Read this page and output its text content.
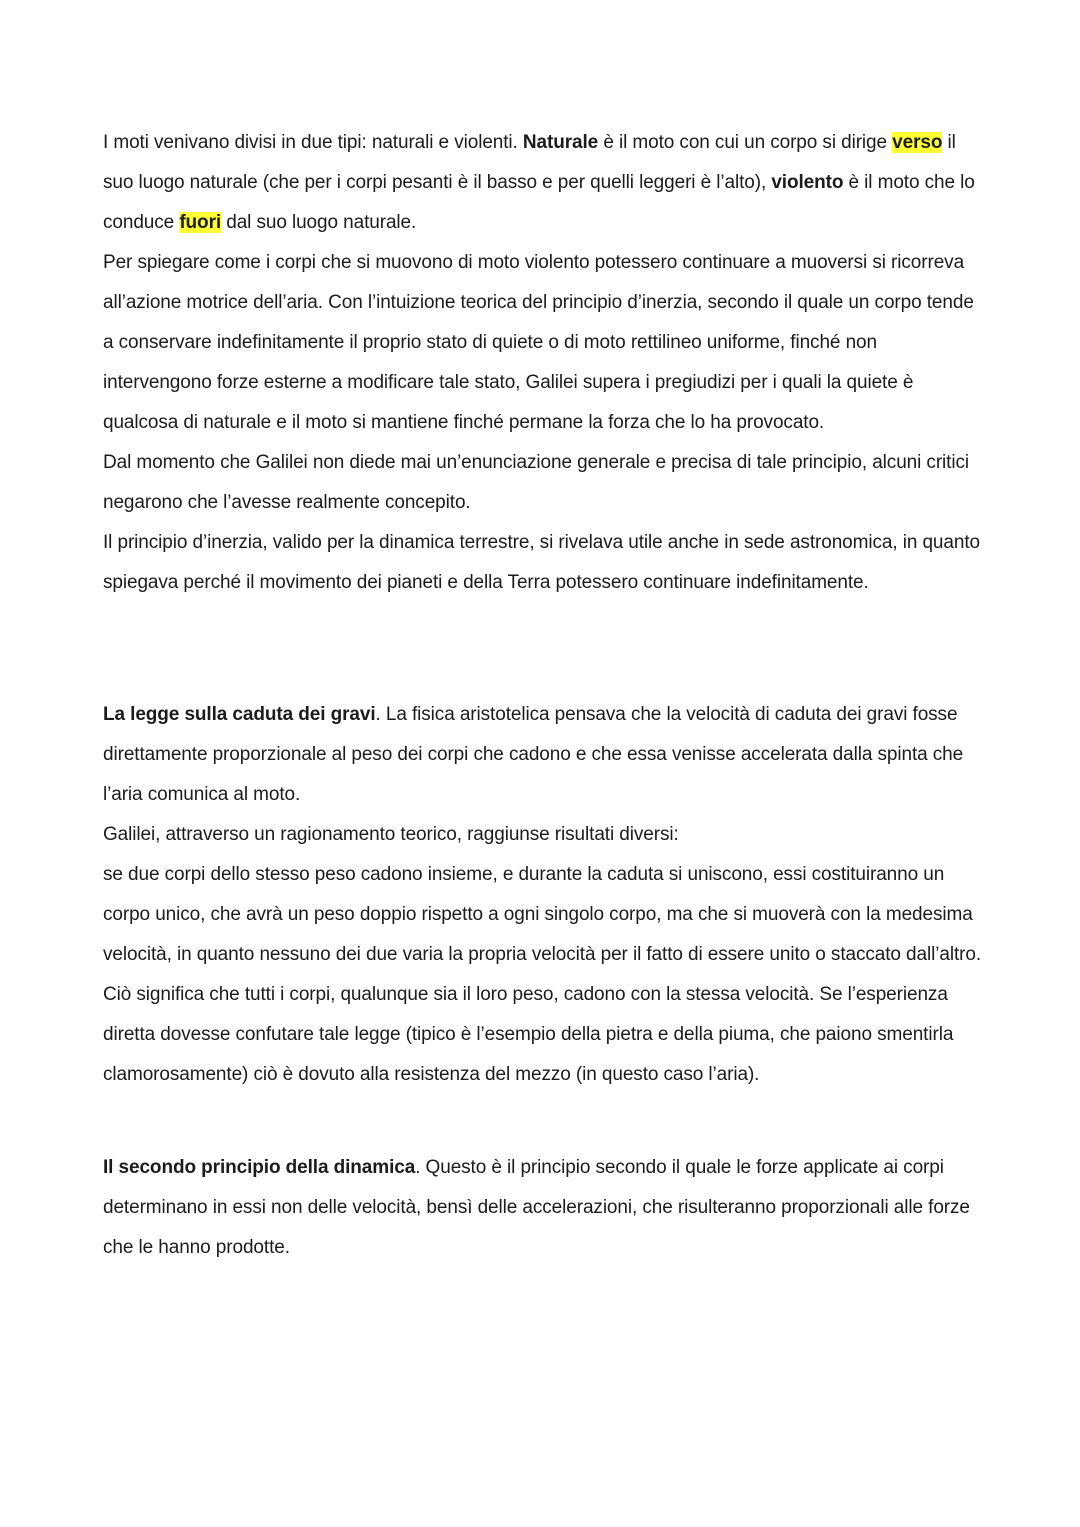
I moti venivano divisi in due tipi: naturali e violenti. Naturale è il moto con cui un corpo si dirige verso il suo luogo naturale (che per i corpi pesanti è il basso e per quelli leggeri è l’alto), violento è il moto che lo conduce fuori dal suo luogo naturale.

Per spiegare come i corpi che si muovono di moto violento potessero continuare a muoversi si ricorreva all’azione motrice dell’aria. Con l’intuizione teorica del principio d’inerzia, secondo il quale un corpo tende a conservare indefinitamente il proprio stato di quiete o di moto rettilineo uniforme, finché non intervengono forze esterne a modificare tale stato, Galilei supera i pregiudizi per i quali la quiete è qualcosa di naturale e il moto si mantiene finché permane la forza che lo ha provocato.

Dal momento che Galilei non diede mai un’enunciazione generale e precisa di tale principio, alcuni critici negarono che l’avesse realmente concepito.

Il principio d’inerzia, valido per la dinamica terrestre, si rivelava utile anche in sede astronomica, in quanto spiegava perché il movimento dei pianeti e della Terra potessero continuare indefinitamente.

La legge sulla caduta dei gravi. La fisica aristotelica pensava che la velocità di caduta dei gravi fosse direttamente proporzionale al peso dei corpi che cadono e che essa venisse accelerata dalla spinta che l’aria comunica al moto.

Galilei, attraverso un ragionamento teorico, raggiunse risultati diversi:

se due corpi dello stesso peso cadono insieme, e durante la caduta si uniscono, essi costituiranno un corpo unico, che avrà un peso doppio rispetto a ogni singolo corpo, ma che si muoverà con la medesima velocità, in quanto nessuno dei due varia la propria velocità per il fatto di essere unito o staccato dall’altro. Ciò significa che tutti i corpi, qualunque sia il loro peso, cadono con la stessa velocità. Se l’esperienza diretta dovesse confutare tale legge (tipico è l’esempio della pietra e della piuma, che paiono smentirla clamorosamente) ciò è dovuto alla resistenza del mezzo (in questo caso l’aria).

Il secondo principio della dinamica. Questo è il principio secondo il quale le forze applicate ai corpi determinano in essi non delle velocità, bensì delle accelerazioni, che risulteranno proporzionali alle forze che le hanno prodotte.
